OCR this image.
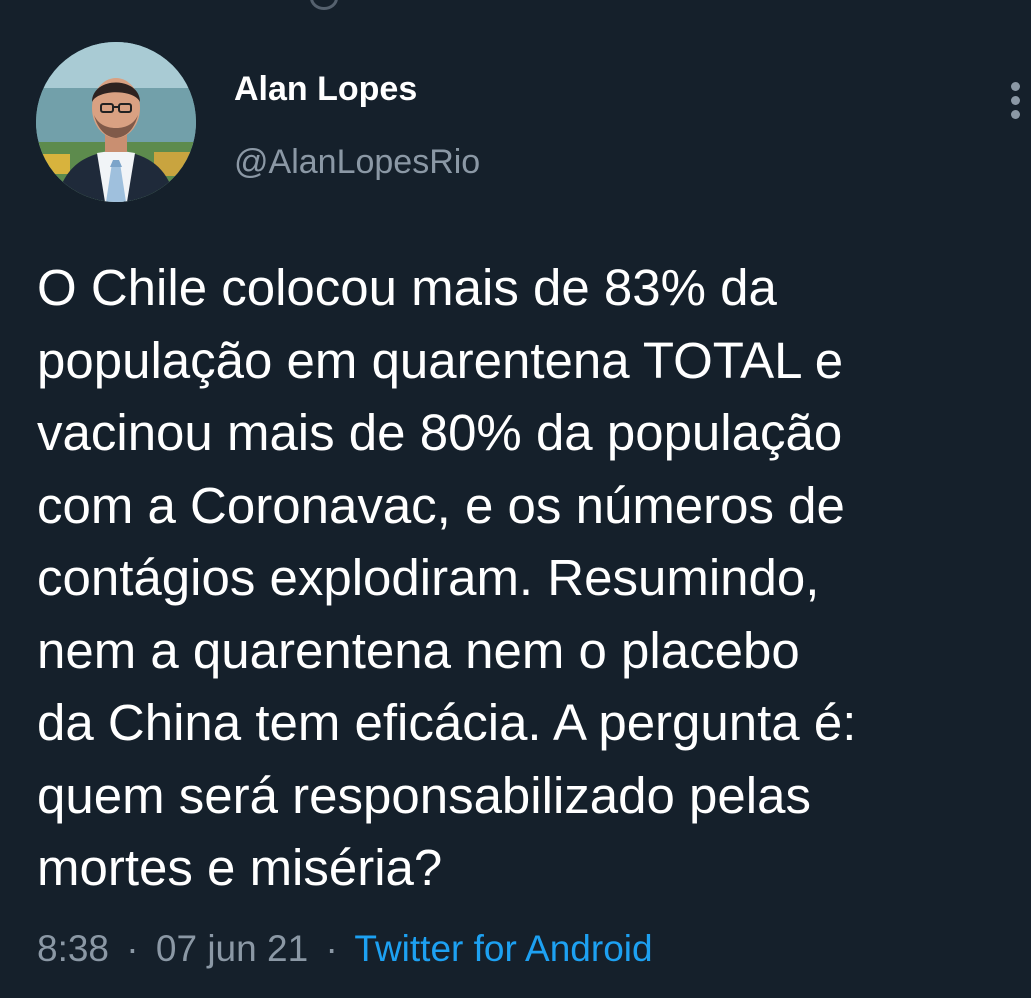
Alan Lopes
@AlanLopesRio
O Chile colocou mais de 83% da
população em quarentena TOTAL e
vacinou mais de 80% da população
com a Coronavac, e os números de
contágios explodiram. Resumindo,
nem a quarentena nem o placebo
da China tem eficácia. A pergunta é:
quem será responsabilizado pelas
mortes e miséria?
8:38 · 07 jun 21 · Twitter for Android
